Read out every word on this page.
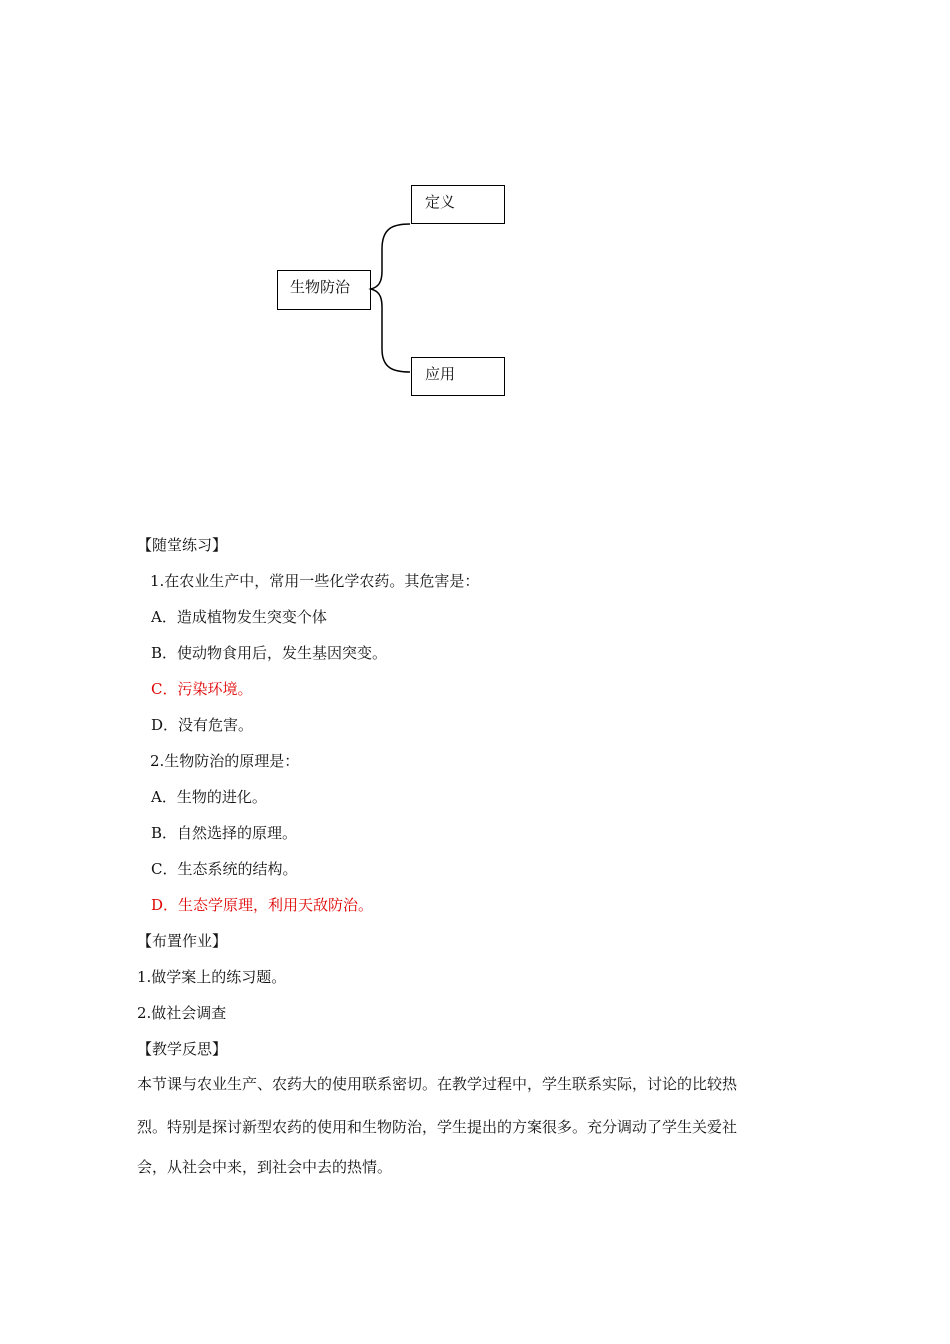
生物防治
定义
应用
【随堂练习】
1.在农业生产中，常用一些化学农药。其危害是：
A．造成植物发生突变个体
B．使动物食用后，发生基因突变。
C．污染环境。
D．没有危害。
2.生物防治的原理是：
A．生物的进化。
B．自然选择的原理。
C．生态系统的结构。
D．生态学原理，利用天敌防治。
【布置作业】
1.做学案上的练习题。
2.做社会调查
【教学反思】
本节课与农业生产、农药大的使用联系密切。在教学过程中，学生联系实际，讨论的比较热
烈。特别是探讨新型农药的使用和生物防治，学生提出的方案很多。充分调动了学生关爱社
会，从社会中来，到社会中去的热情。
